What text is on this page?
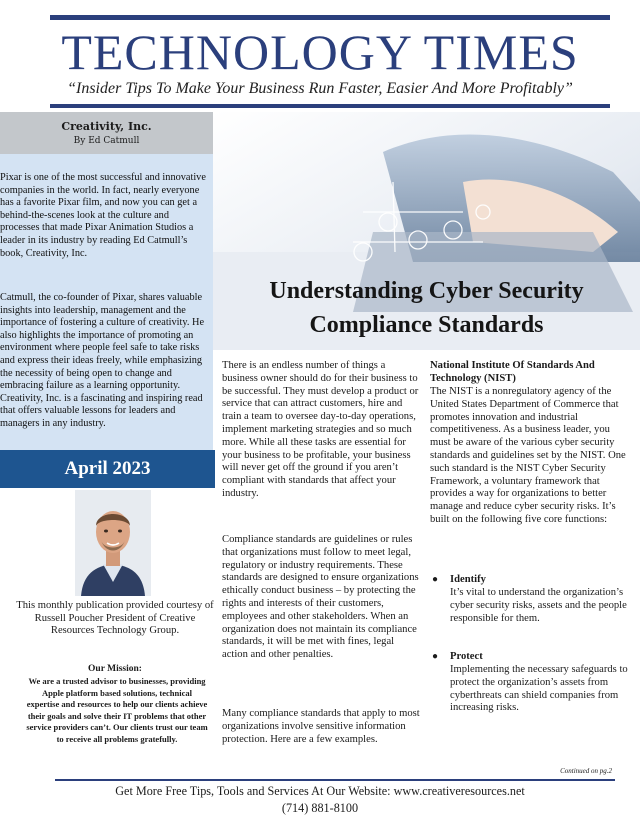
TECHNOLOGY TIMES
“Insider Tips To Make Your Business Run Faster, Easier And More Profitably”
Creativity, Inc.
By Ed Catmull
Pixar is one of the most successful and innovative companies in the world. In fact, nearly everyone has a favorite Pixar film, and now you can get a behind-the-scenes look at the culture and processes that made Pixar Animation Studios a leader in its industry by reading Ed Catmull’s book, Creativity, Inc.
Catmull, the co-founder of Pixar, shares valuable insights into leadership, management and the importance of fostering a culture of creativity. He also highlights the importance of promoting an environment where people feel safe to take risks and express their ideas freely, while emphasizing the necessity of being open to change and embracing failure as a learning opportunity. Creativity, Inc. is a fascinating and inspiring read that offers valuable lessons for leaders and managers in any industry.
April 2023
This monthly publication provided courtesy of Russell Poucher President of Creative Resources Technology Group.
Our Mission:
We are a trusted advisor to businesses, providing Apple platform based solutions, technical expertise and resources to help our clients achieve their goals and solve their IT problems that other service providers can’t. Our clients trust our team to receive all problems gratefully.
Understanding Cyber Security
Compliance Standards
There is an endless number of things a business owner should do for their business to be successful. They must develop a product or service that can attract customers, hire and train a team to oversee day-to-day operations, implement marketing strategies and so much more. While all these tasks are essential for your business to be profitable, your business will never get off the ground if you aren’t compliant with standards that affect your industry.
Compliance standards are guidelines or rules that organizations must follow to meet legal, regulatory or industry requirements. These standards are designed to ensure organizations ethically conduct business – by protecting the rights and interests of their customers, employees and other stakeholders. When an organization does not maintain its compliance standards, it will be met with fines, legal action and other penalties.
Many compliance standards that apply to most organizations involve sensitive information protection. Here are a few examples.
National Institute Of Standards And Technology (NIST)
The NIST is a nonregulatory agency of the United States Department of Commerce that promotes innovation and industrial competitiveness. As a business leader, you must be aware of the various cyber security standards and guidelines set by the NIST. One such standard is the NIST Cyber Security Framework, a voluntary framework that provides a way for organizations to better manage and reduce cyber security risks. It’s built on the following five core functions:
● Identify
It’s vital to understand the organization’s cyber security risks, assets and the people responsible for them.
● Protect
Implementing the necessary safeguards to protect the organization’s assets from cyberthreats can shield companies from increasing risks.
Continued on pg.2
Get More Free Tips, Tools and Services At Our Website: www.creativeresources.net
(714) 881-8100
